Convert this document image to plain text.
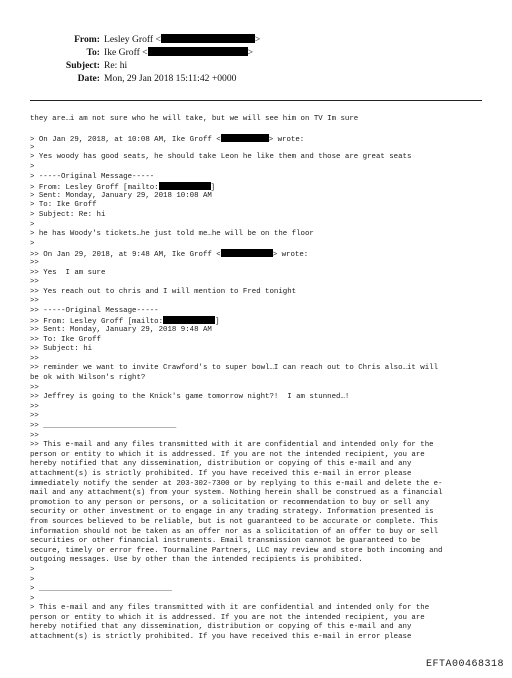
From: Lesley Groff <	>
To: Ike Groff <	>
Subject: Re: hi
Date: Mon, 29 Jan 2018 15:11:42 +0000
they are…i am not sure who he will take, but we will see him on TV Im sure
> On Jan 29, 2018, at 10:08 AM, Ike Groff <	> wrote:
>
> Yes woody has good seats, he should take Leon he like them and those are great seats
>
> -----Original Message-----
> From: Lesley Groff [mailto:	]
> Sent: Monday, January 29, 2018 10:08 AM
> To: Ike Groff
> Subject: Re: hi
>
> he has Woody's tickets…he just told me…he will be on the floor
>
>> On Jan 29, 2018, at 9:48 AM, Ike Groff <	> wrote:
>>
>> Yes  I am sure
>>
>> Yes reach out to chris and I will mention to Fred tonight
>>
>> -----Original Message-----
>> From: Lesley Groff [mailto:	]
>> Sent: Monday, January 29, 2018 9:48 AM
>> To: Ike Groff
>> Subject: hi
>>
>> reminder we want to invite Crawford's to super bowl…I can reach out to Chris also…it will
be ok with Wilson's right?
>>
>> Jeffrey is going to the Knick's game tomorrow night?!  I am stunned…!
>>
>>
>> ______________________________
>>
>> This e-mail and any files transmitted with it are confidential and intended only for the
person or entity to which it is addressed. If you are not the intended recipient, you are
hereby notified that any dissemination, distribution or copying of this e-mail and any
attachment(s) is strictly prohibited. If you have received this e-mail in error please
immediately notify the sender at 203-302-7300 or by replying to this e-mail and delete the e-
mail and any attachment(s) from your system. Nothing herein shall be construed as a financial
promotion to any person or persons, or a solicitation or recommendation to buy or sell any
security or other investment or to engage in any trading strategy. Information presented is
from sources believed to be reliable, but is not guaranteed to be accurate or complete. This
information should not be taken as an offer nor as a solicitation of an offer to buy or sell
securities or other financial instruments. Email transmission cannot be guaranteed to be
secure, timely or error free. Tourmaline Partners, LLC may review and store both incoming and
outgoing messages. Use by other than the intended recipients is prohibited.
>
>
> ______________________________
>
> This e-mail and any files transmitted with it are confidential and intended only for the
person or entity to which it is addressed. If you are not the intended recipient, you are
hereby notified that any dissemination, distribution or copying of this e-mail and any
attachment(s) is strictly prohibited. If you have received this e-mail in error please
EFTA00468318
